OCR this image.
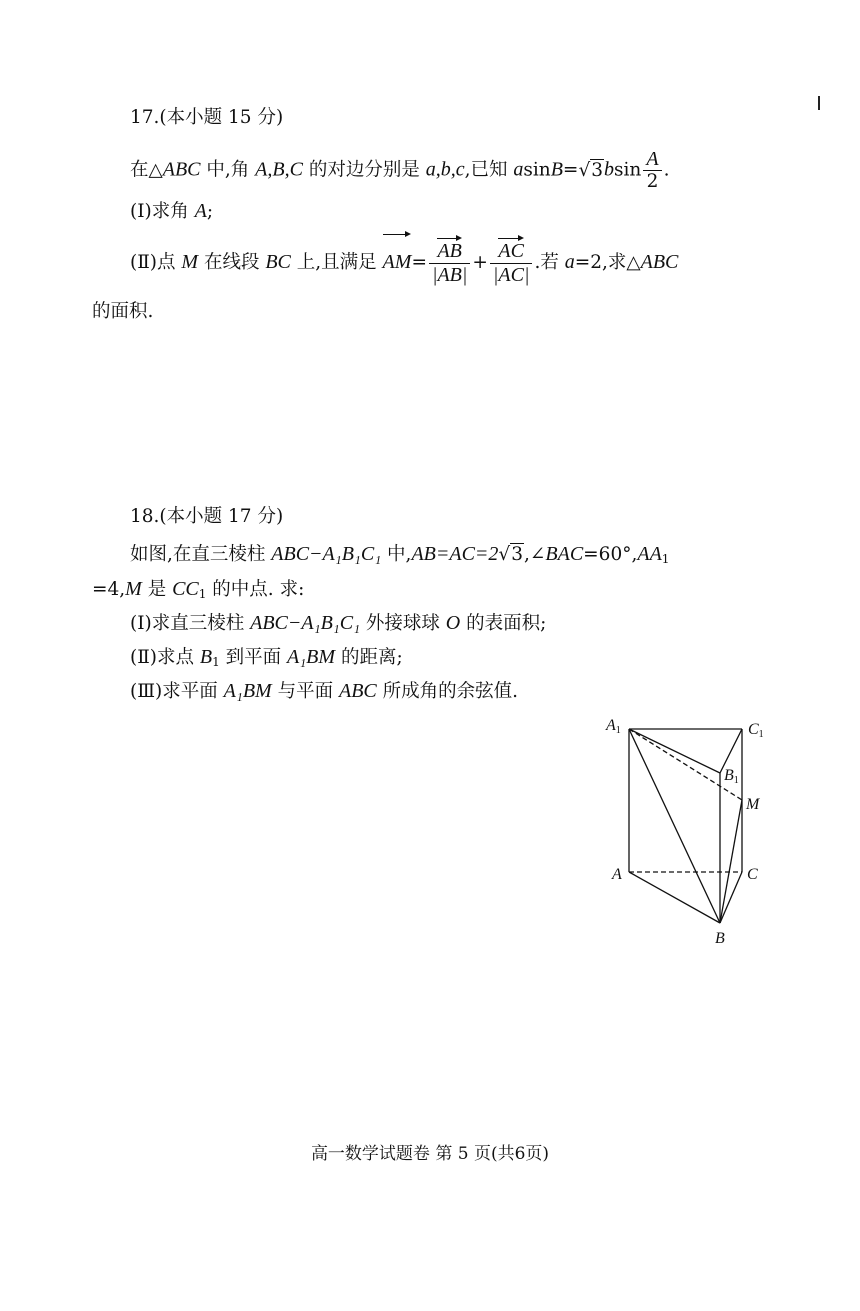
17.(本小题 15 分)
在△ABC 中,角 A,B,C 的对边分别是 a,b,c,已知 $asinB=√3bsin \frac{A}{2}$ .
(Ⅰ)求角 A;
(Ⅱ)点 M 在线段 BC 上,且满足 $AM= \frac{AB}{|AB|} + \frac{AC}{|AC|}$ .若 a=2,求△ABC
的面积.
18.(本小题 17 分)
如图,在直三棱柱 ABC−A₁B₁C₁ 中$,AB=AC=2√3,\angle BAC=60^\circ,AA_1$
=4,M 是 $CC_1$ 的中点. 求:
(Ⅰ)求直三棱柱 ABC−A₁B₁C₁ 外接球球 O 的表面积;
(Ⅱ)求点 $B_1$ 到平面 A₁BM 的距离;
(Ⅲ)求平面 A₁BM 与平面 ABC 所成角的余弦值.
A1	C1
B1
M
A	C
B
高一数学试题卷 第 5 页(共6页)
